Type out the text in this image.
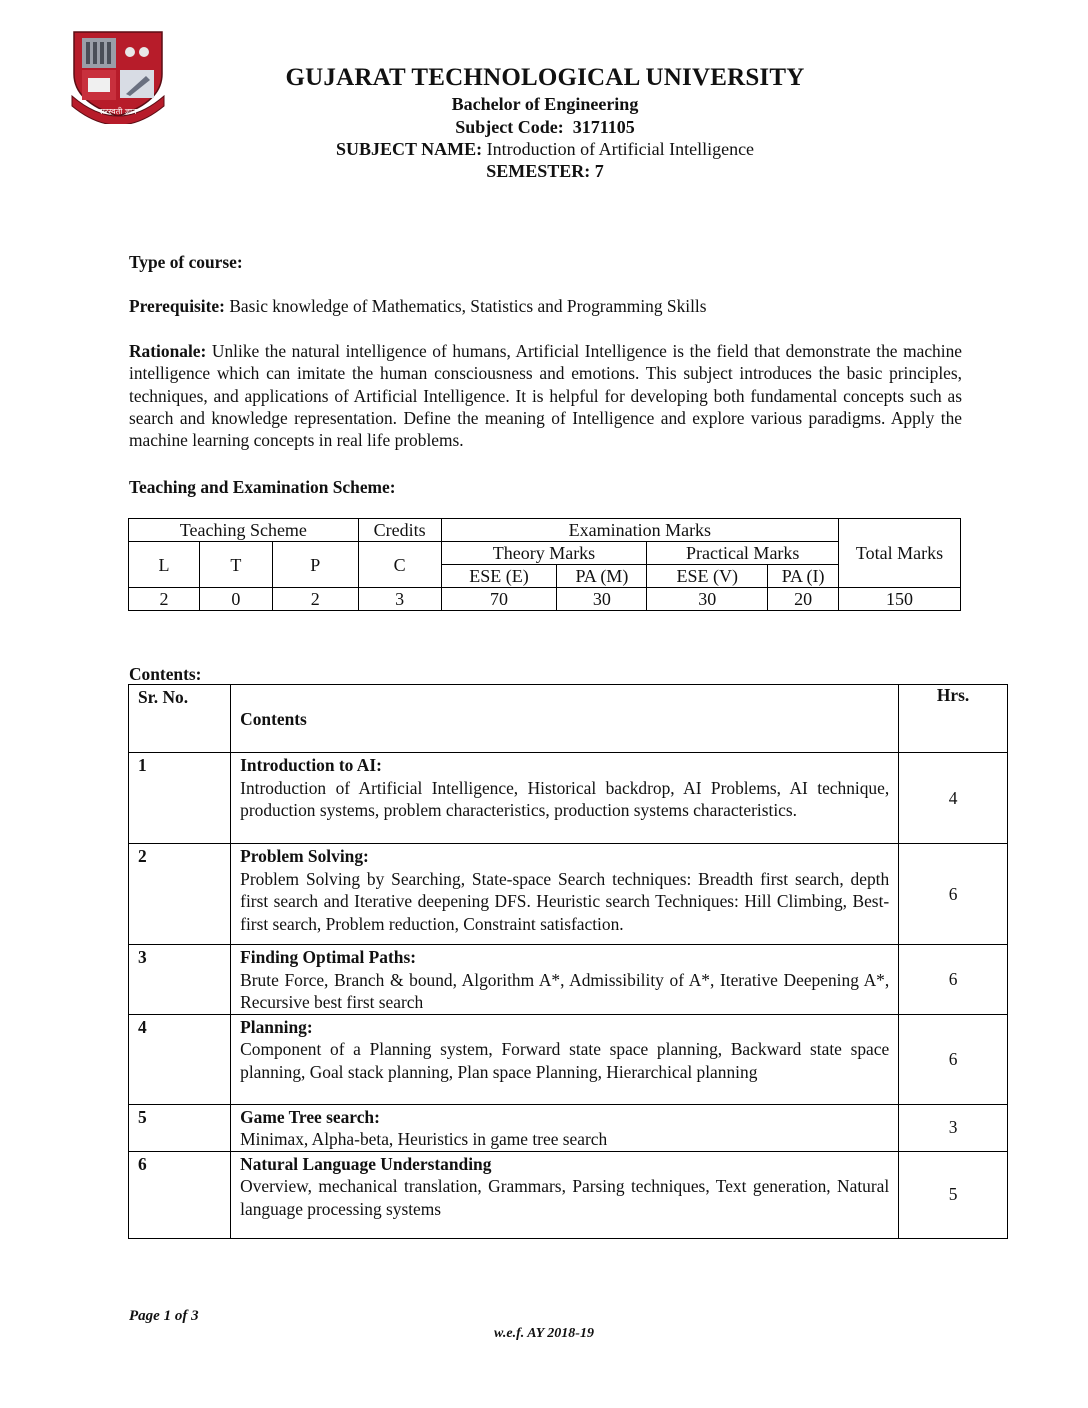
सरस्वती ज्ञान
GUJARAT TECHNOLOGICAL UNIVERSITY
Bachelor of Engineering
Subject Code: 3171105
SUBJECT NAME: Introduction of Artificial Intelligence
SEMESTER: 7
Type of course:
Prerequisite: Basic knowledge of Mathematics, Statistics and Programming Skills
Rationale: Unlike the natural intelligence of humans, Artificial Intelligence is the field that demonstrate the machine intelligence which can imitate the human consciousness and emotions. This subject introduces the basic principles, techniques, and applications of Artificial Intelligence. It is helpful for developing both fundamental concepts such as search and knowledge representation. Define the meaning of Intelligence and explore various paradigms. Apply the machine learning concepts in real life problems.
Teaching and Examination Scheme:
Teaching Scheme			Credits	Examination Marks				Total Marks
L	T	P	C	Theory Marks		Practical Marks		
				ESE (E)	PA (M)	ESE (V)	PA (I)	
2	0	2	3	70	30	30	20	150
Contents:
Sr. No.	Contents	Hrs.
1	Introduction to AI:
Introduction of Artificial Intelligence, Historical backdrop, AI Problems, AI technique, production systems, problem characteristics, production systems characteristics.	4
2	Problem Solving:
Problem Solving by Searching, State-space Search techniques: Breadth first search, depth first search and Iterative deepening DFS. Heuristic search Techniques: Hill Climbing, Best-first search, Problem reduction, Constraint satisfaction.	6
3	Finding Optimal Paths:
Brute Force, Branch & bound, Algorithm A*, Admissibility of A*, Iterative Deepening A*, Recursive best first search	6
4	Planning:
Component of a Planning system, Forward state space planning, Backward state space planning, Goal stack planning, Plan space Planning, Hierarchical planning	6
5	Game Tree search:
Minimax, Alpha-beta, Heuristics in game tree search	3
6	Natural Language Understanding
Overview, mechanical translation, Grammars, Parsing techniques, Text generation, Natural language processing systems	5
Page 1 of 3
w.e.f. AY 2018-19
